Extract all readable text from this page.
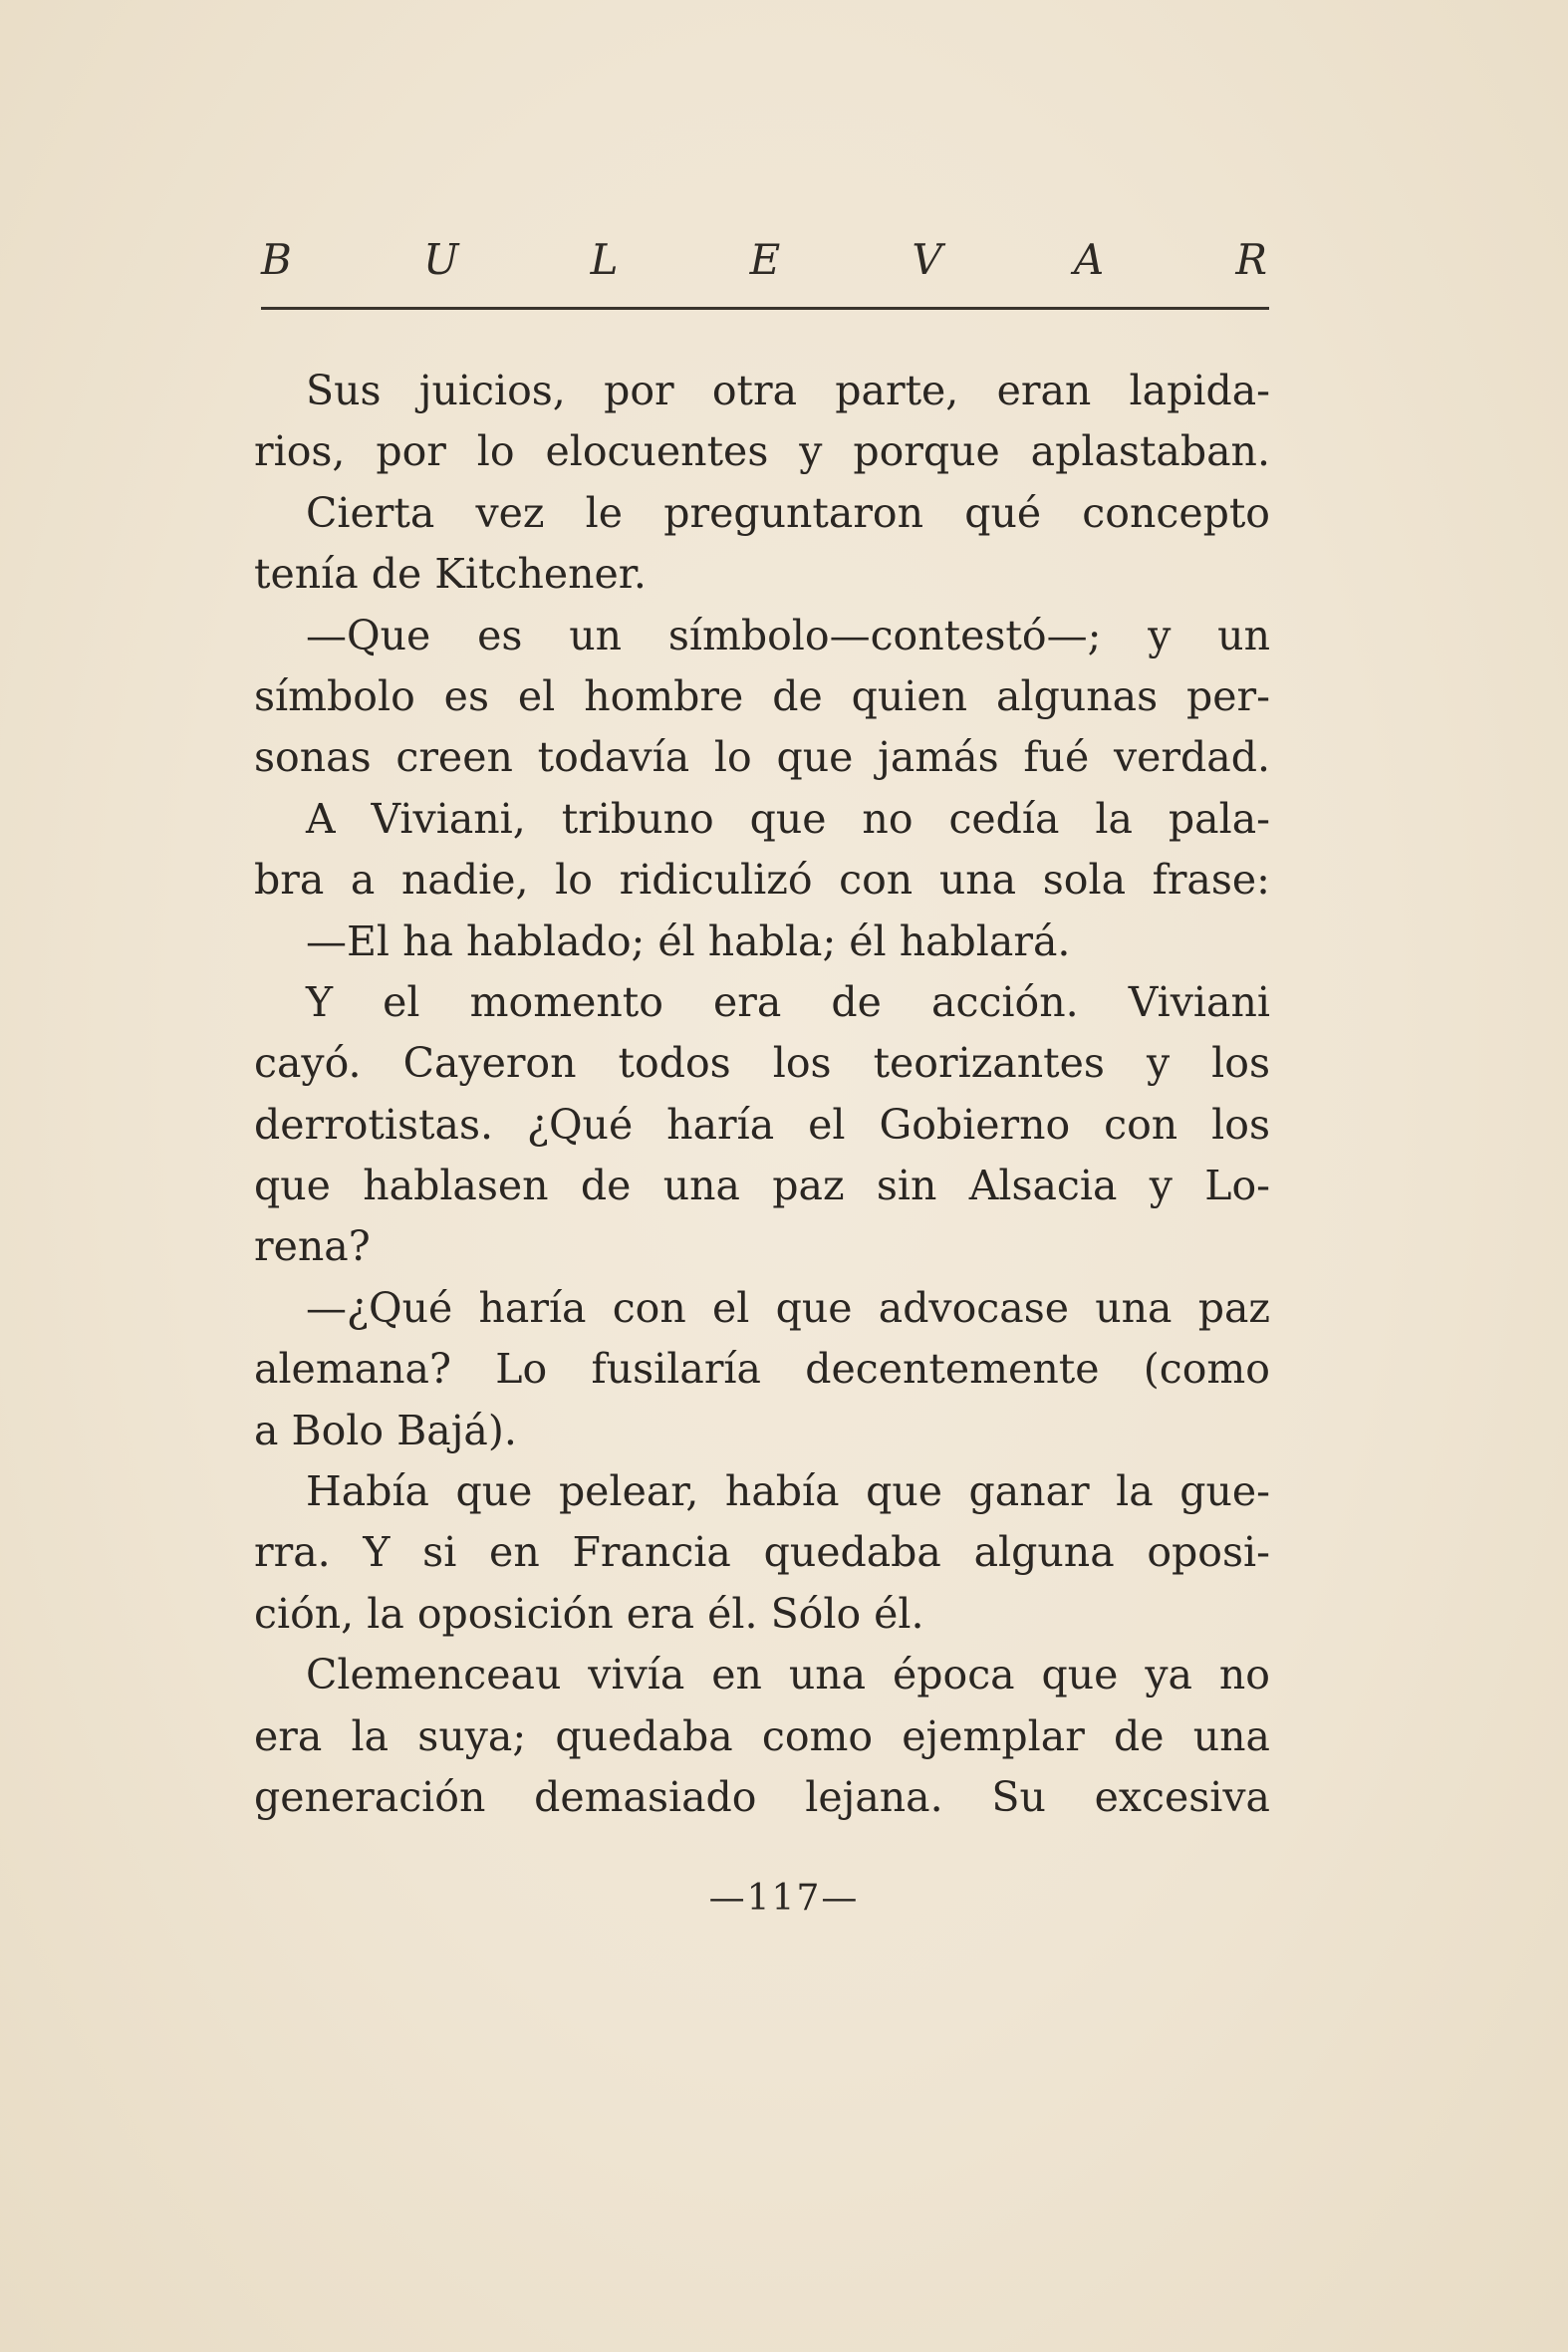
B	U	L	E	V	A	R
Sus juicios, por otra parte, eran lapida-
rios, por lo elocuentes y porque aplastaban.
Cierta vez le preguntaron qué concepto
tenía de Kitchener.
—Que es un símbolo—contestó—; y un
símbolo es el hombre de quien algunas per-
sonas creen todavía lo que jamás fué verdad.
A Viviani, tribuno que no cedía la pala-
bra a nadie, lo ridiculizó con una sola frase:
—El ha hablado; él habla; él hablará.
Y el momento era de acción. Viviani
cayó. Cayeron todos los teorizantes y los
derrotistas. ¿Qué haría el Gobierno con los
que hablasen de una paz sin Alsacia y Lo-
rena?
—¿Qué haría con el que advocase una paz
alemana? Lo fusilaría decentemente (como
a Bolo Bajá).
Había que pelear, había que ganar la gue-
rra. Y si en Francia quedaba alguna oposi-
ción, la oposición era él. Sólo él.
Clemenceau vivía en una época que ya no
era la suya; quedaba como ejemplar de una
generación demasiado lejana. Su excesiva
—117—
